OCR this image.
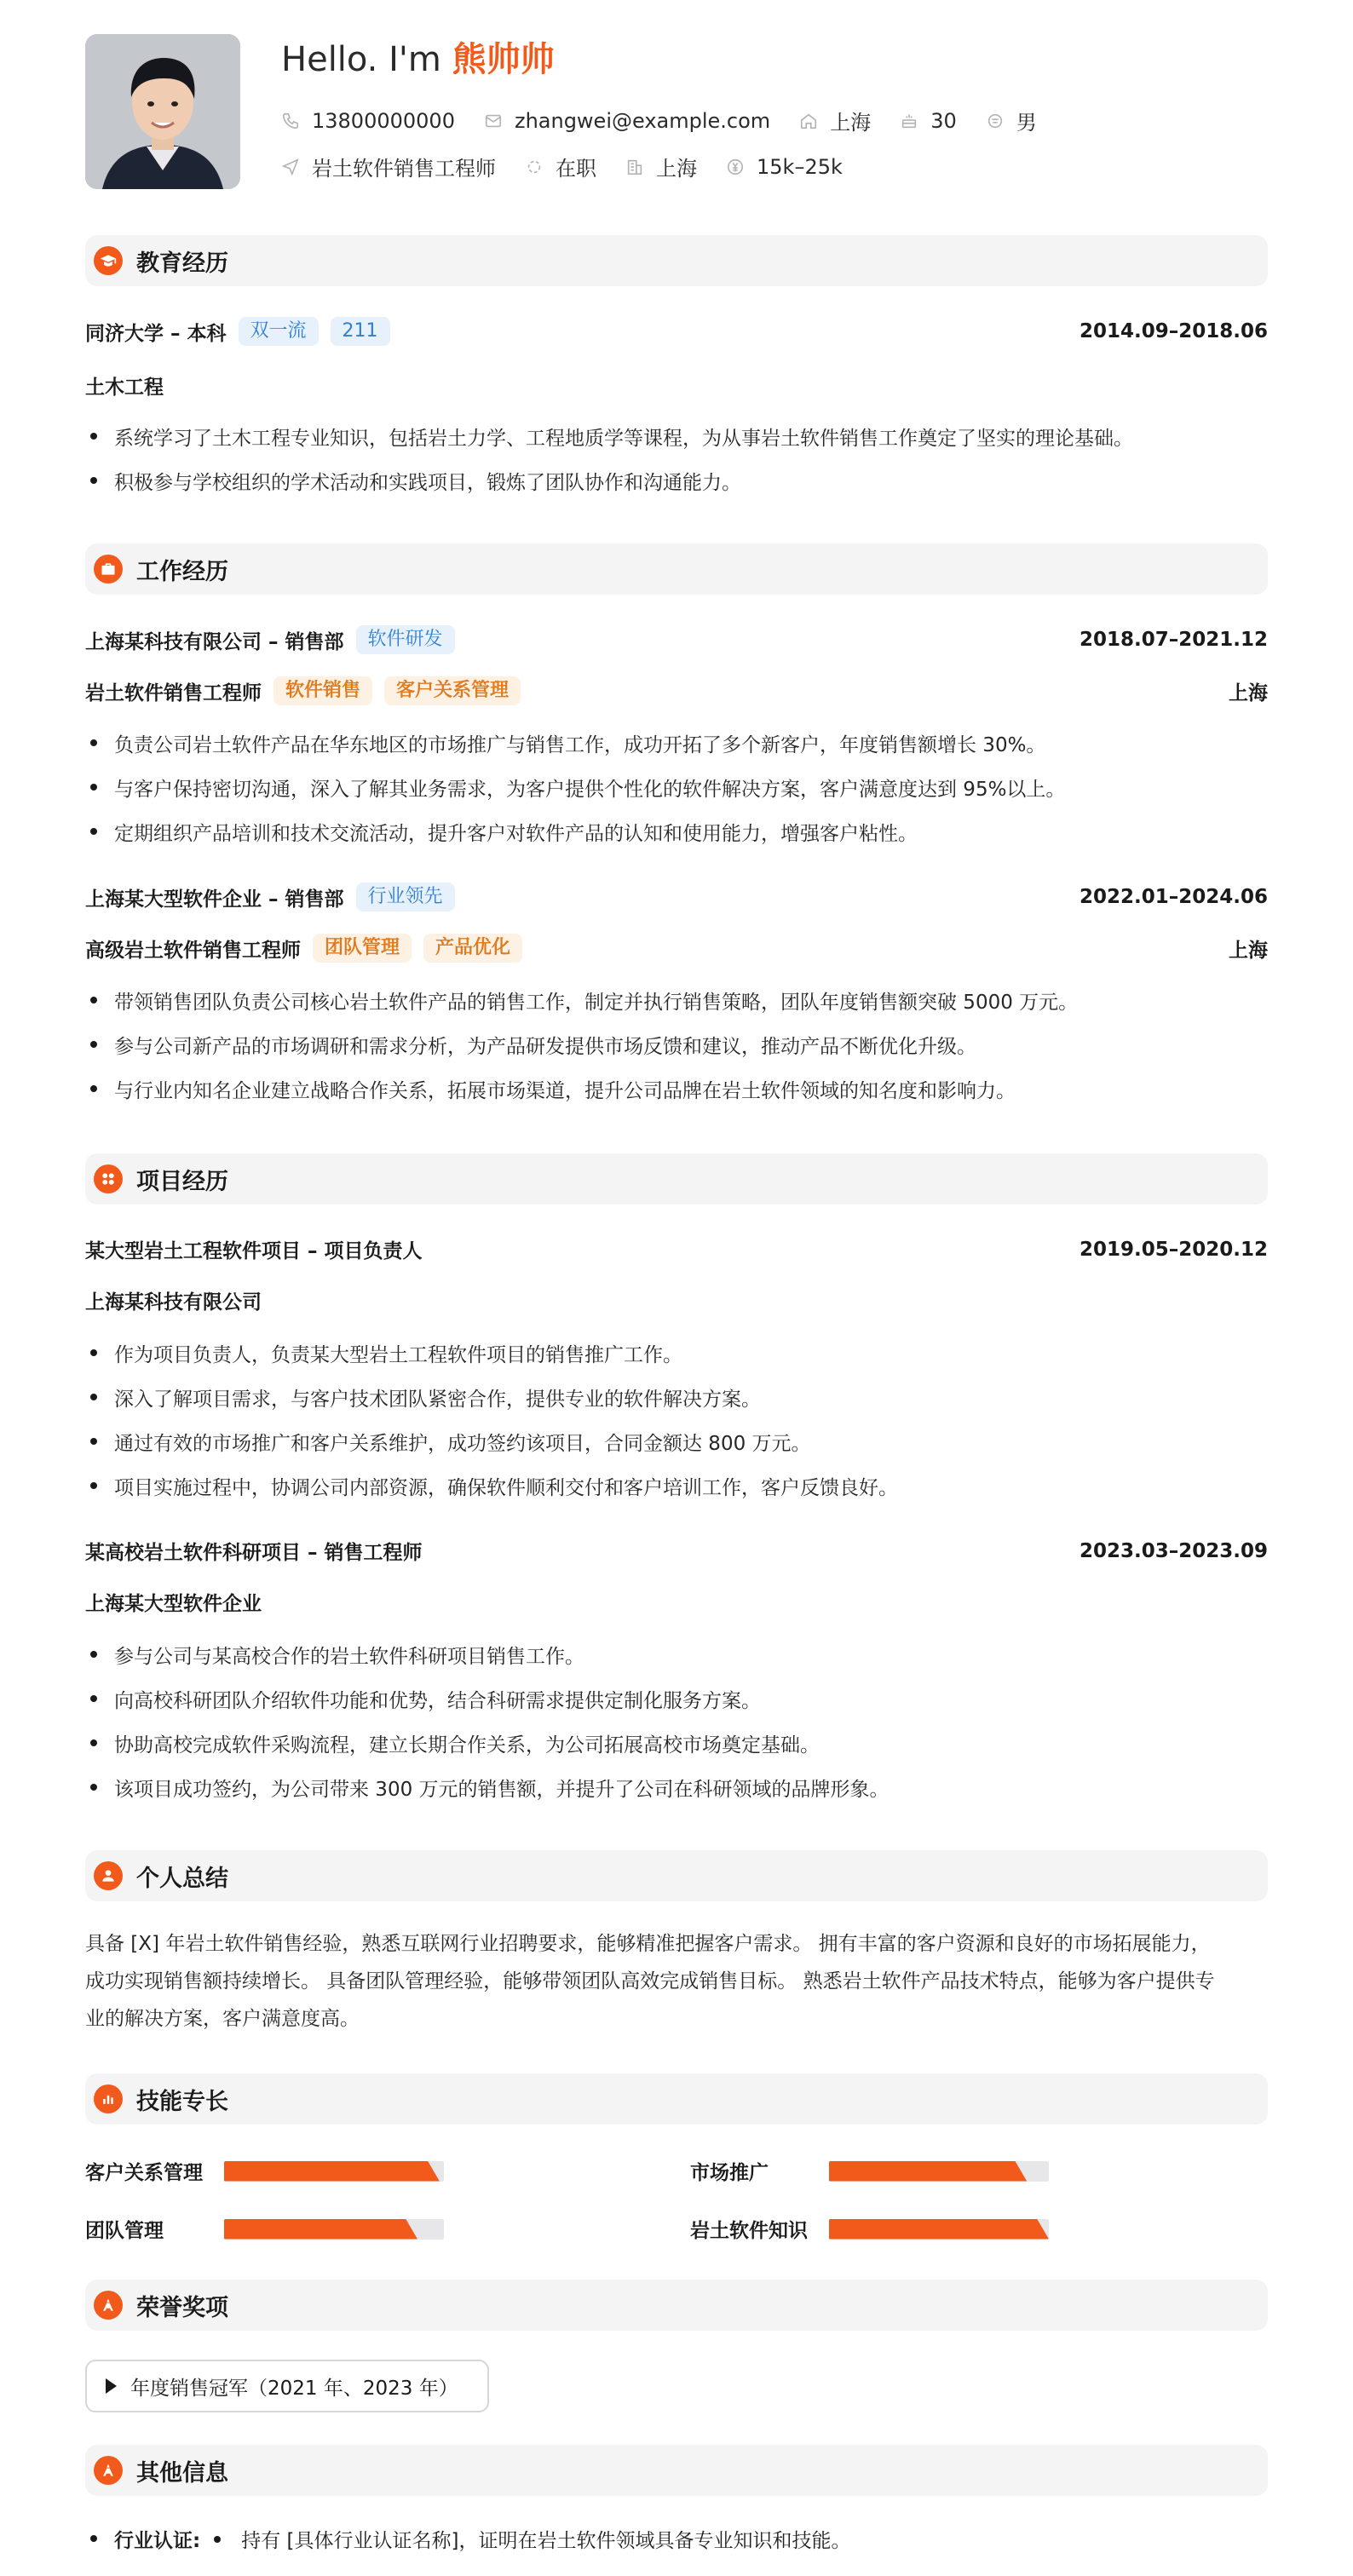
Hello. I'm 熊帅帅
13800000000	zhangwei@example.com	上海	30	男
岩土软件销售工程师	在职	上海	15k–25k
教育经历
同济大学 – 本科	双一流	211	2014.09–2018.06
土木工程
系统学习了土木工程专业知识，包括岩土力学、工程地质学等课程，为从事岩土软件销售工作奠定了坚实的理论基础。
积极参与学校组织的学术活动和实践项目，锻炼了团队协作和沟通能力。
工作经历
上海某科技有限公司 – 销售部	软件研发	2018.07–2021.12
岩土软件销售工程师	软件销售	客户关系管理	上海
负责公司岩土软件产品在华东地区的市场推广与销售工作，成功开拓了多个新客户，年度销售额增长 30%。
与客户保持密切沟通，深入了解其业务需求，为客户提供个性化的软件解决方案，客户满意度达到 95%以上。
定期组织产品培训和技术交流活动，提升客户对软件产品的认知和使用能力，增强客户粘性。
上海某大型软件企业 – 销售部	行业领先	2022.01–2024.06
高级岩土软件销售工程师	团队管理	产品优化	上海
带领销售团队负责公司核心岩土软件产品的销售工作，制定并执行销售策略，团队年度销售额突破 5000 万元。
参与公司新产品的市场调研和需求分析，为产品研发提供市场反馈和建议，推动产品不断优化升级。
与行业内知名企业建立战略合作关系，拓展市场渠道，提升公司品牌在岩土软件领域的知名度和影响力。
项目经历
某大型岩土工程软件项目 – 项目负责人	2019.05–2020.12
上海某科技有限公司
作为项目负责人，负责某大型岩土工程软件项目的销售推广工作。
深入了解项目需求，与客户技术团队紧密合作，提供专业的软件解决方案。
通过有效的市场推广和客户关系维护，成功签约该项目，合同金额达 800 万元。
项目实施过程中，协调公司内部资源，确保软件顺利交付和客户培训工作，客户反馈良好。
某高校岩土软件科研项目 – 销售工程师	2023.03–2023.09
上海某大型软件企业
参与公司与某高校合作的岩土软件科研项目销售工作。
向高校科研团队介绍软件功能和优势，结合科研需求提供定制化服务方案。
协助高校完成软件采购流程，建立长期合作关系，为公司拓展高校市场奠定基础。
该项目成功签约，为公司带来 300 万元的销售额，并提升了公司在科研领域的品牌形象。
个人总结
具备 [X] 年岩土软件销售经验，熟悉互联网行业招聘要求，能够精准把握客户需求。 拥有丰富的客户资源和良好的市场拓展能力，
成功实现销售额持续增长。 具备团队管理经验，能够带领团队高效完成销售目标。 熟悉岩土软件产品技术特点，能够为客户提供专
业的解决方案，客户满意度高。
技能专长
客户关系管理	市场推广
团队管理	岩土软件知识
荣誉奖项
年度销售冠军（2021 年、2023 年）
其他信息
行业认证: 持有 [具体行业认证名称]，证明在岩土软件领域具备专业知识和技能。
